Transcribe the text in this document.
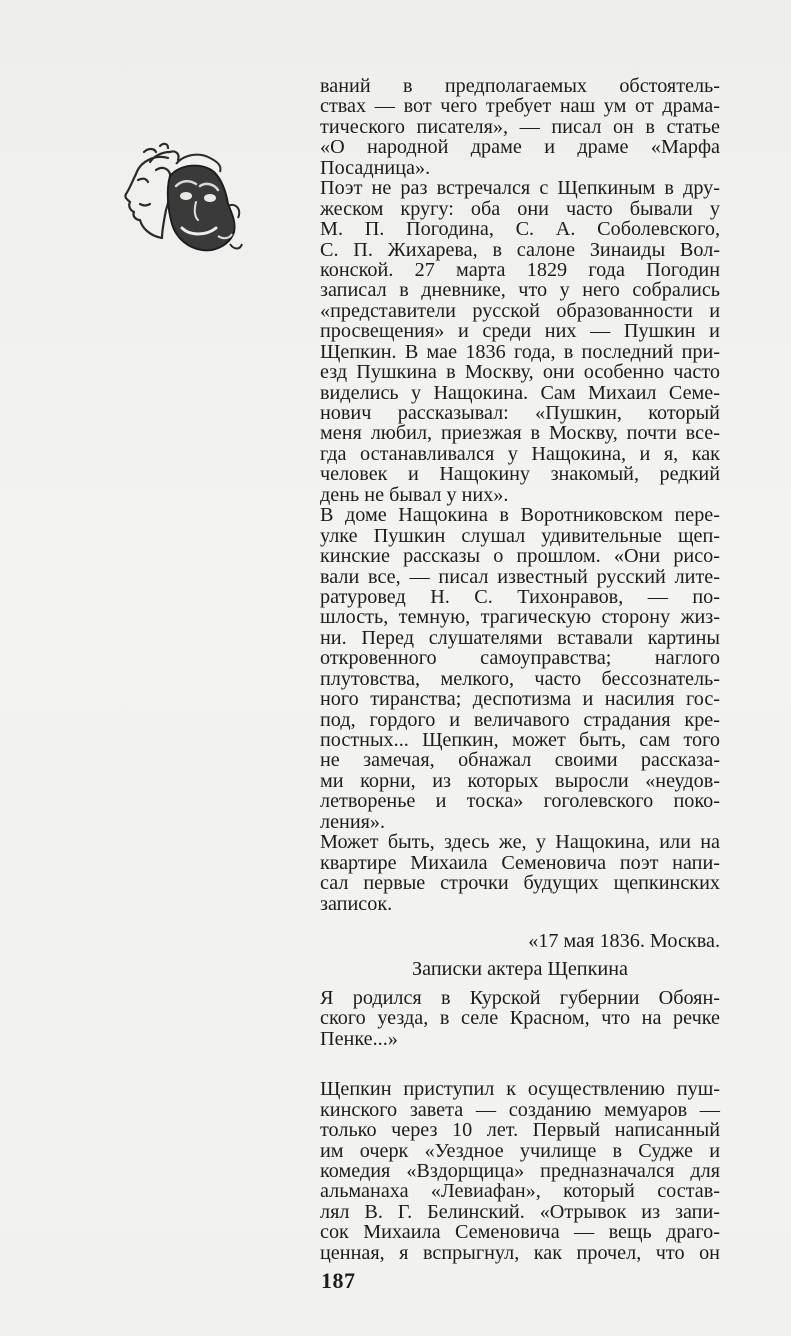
ваний в предполагаемых обстоятель-
ствах — вот чего требует наш ум от драма-
тического писателя», — писал он в статье
«О народной драме и драме «Марфа
Посадница».
Поэт не раз встречался с Щепкиным в дру-
жеском кругу: оба они часто бывали у
М. П. Погодина, С. А. Соболевского,
С. П. Жихарева, в салоне Зинаиды Вол-
конской. 27 марта 1829 года Погодин
записал в дневнике, что у него собрались
«представители русской образованности и
просвещения» и среди них — Пушкин и
Щепкин. В мае 1836 года, в последний при-
езд Пушкина в Москву, они особенно часто
виделись у Нащокина. Сам Михаил Семе-
нович рассказывал: «Пушкин, который
меня любил, приезжая в Москву, почти все-
гда останавливался у Нащокина, и я, как
человек и Нащокину знакомый, редкий
день не бывал у них».
В доме Нащокина в Воротниковском пере-
улке Пушкин слушал удивительные щеп-
кинские рассказы о прошлом. «Они рисо-
вали все, — писал известный русский лите-
ратуровед Н. С. Тихонравов, — по-
шлость, темную, трагическую сторону жиз-
ни. Перед слушателями вставали картины
откровенного самоуправства; наглого
плутовства, мелкого, часто бессознатель-
ного тиранства; деспотизма и насилия гос-
под, гордого и величавого страдания кре-
постных... Щепкин, может быть, сам того
не замечая, обнажал своими рассказа-
ми корни, из которых выросли «неудов-
летворенье и тоска» гоголевского поко-
ления».
Может быть, здесь же, у Нащокина, или на
квартире Михаила Семеновича поэт напи-
сал первые строчки будущих щепкинских
записок.
«17 мая 1836. Москва.
Записки актера Щепкина
Я родился в Курской губернии Обоян-
ского уезда, в селе Красном, что на речке
Пенке...»
Щепкин приступил к осуществлению пуш-
кинского завета — созданию мемуаров —
только через 10 лет. Первый написанный
им очерк «Уездное училище в Судже и
комедия «Вздорщица» предназначался для
альманаха «Левиафан», который состав-
лял В. Г. Белинский. «Отрывок из запи-
сок Михаила Семеновича — вещь драго-
ценная, я вспрыгнул, как прочел, что он
187
